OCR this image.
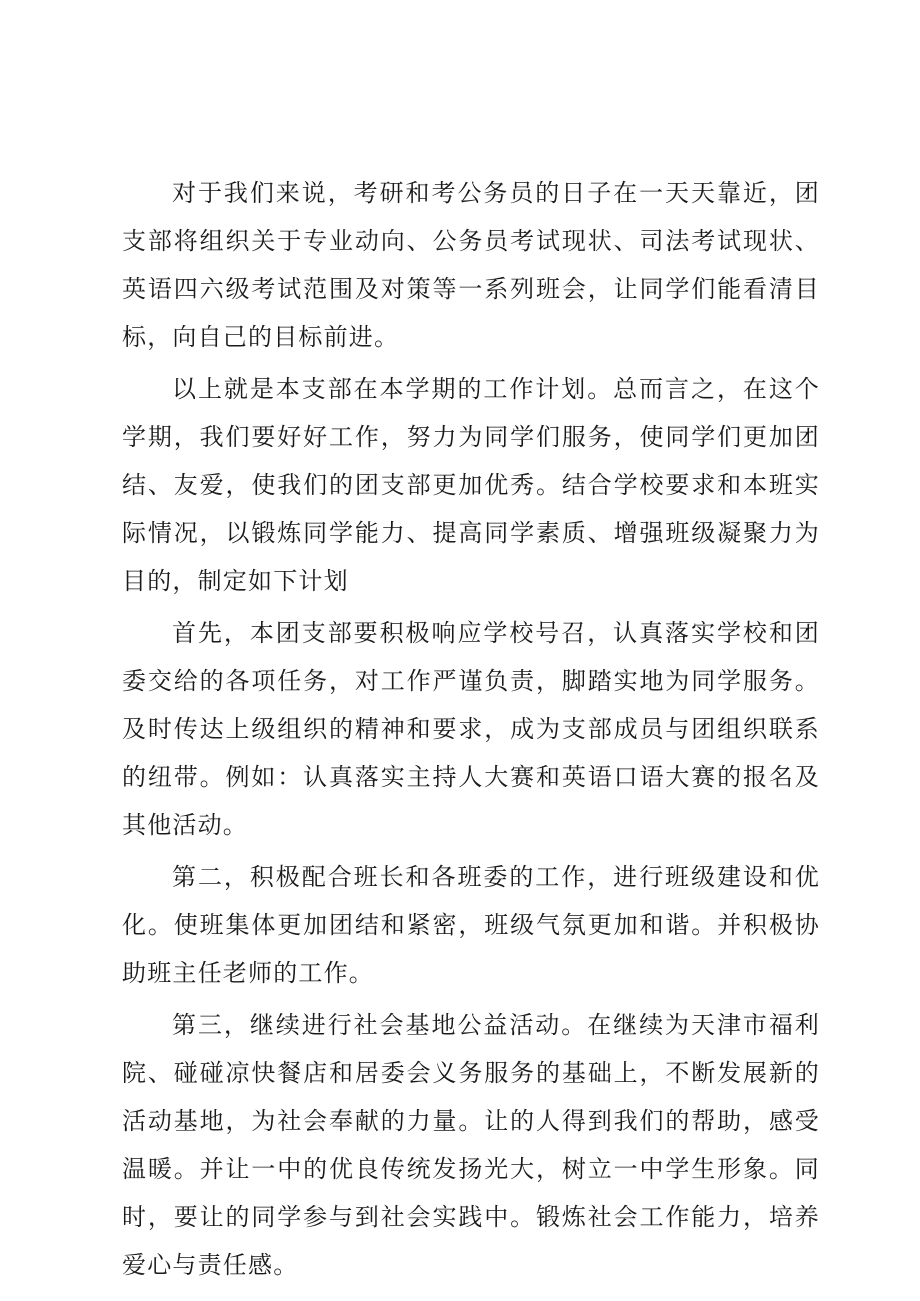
对于我们来说，考研和考公务员的日子在一天天靠近，团支部将组织关于专业动向、公务员考试现状、司法考试现状、英语四六级考试范围及对策等一系列班会，让同学们能看清目标，向自己的目标前进。

以上就是本支部在本学期的工作计划。总而言之，在这个学期，我们要好好工作，努力为同学们服务，使同学们更加团结、友爱，使我们的团支部更加优秀。结合学校要求和本班实际情况，以锻炼同学能力、提高同学素质、增强班级凝聚力为目的，制定如下计划

首先，本团支部要积极响应学校号召，认真落实学校和团委交给的各项任务，对工作严谨负责，脚踏实地为同学服务。及时传达上级组织的精神和要求，成为支部成员与团组织联系的纽带。例如：认真落实主持人大赛和英语口语大赛的报名及其他活动。

第二，积极配合班长和各班委的工作，进行班级建设和优化。使班集体更加团结和紧密，班级气氛更加和谐。并积极协助班主任老师的工作。

第三，继续进行社会基地公益活动。在继续为天津市福利院、碰碰凉快餐店和居委会义务服务的基础上，不断发展新的活动基地，为社会奉献的力量。让的人得到我们的帮助，感受温暖。并让一中的优良传统发扬光大，树立一中学生形象。同时，要让的同学参与到社会实践中。锻炼社会工作能力，培养爱心与责任感。
